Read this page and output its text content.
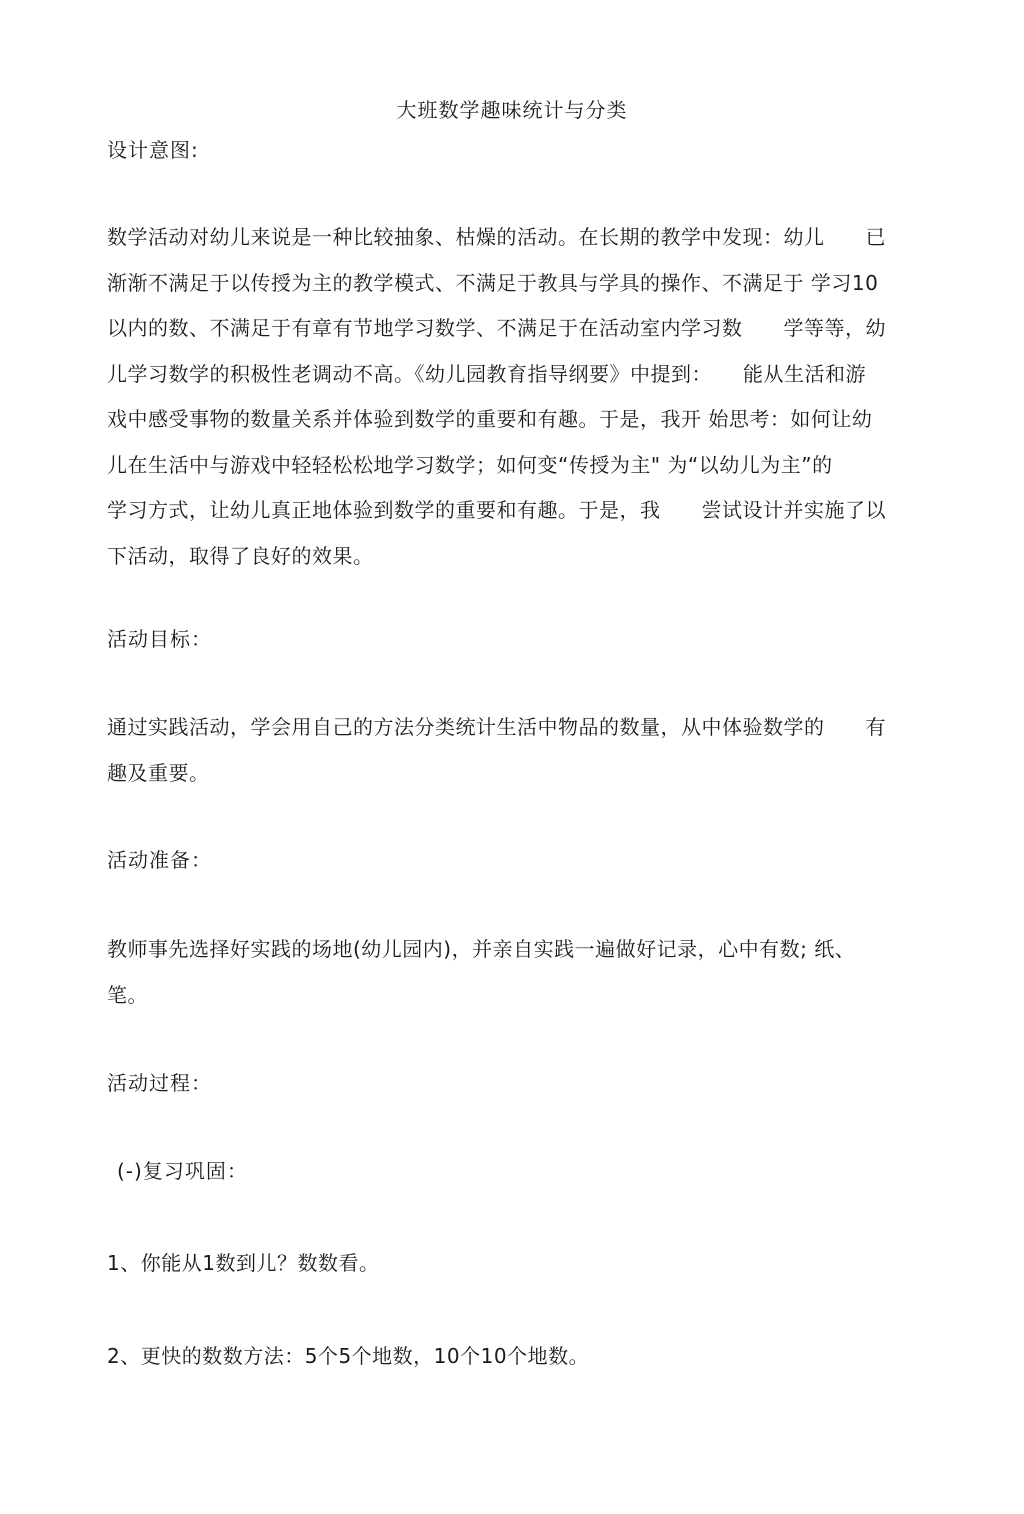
大班数学趣味统计与分类
设计意图:
数学活动对幼儿来说是一种比较抽象、枯燥的活动。在长期的教学中发现：幼儿　　已
渐渐不满足于以传授为主的教学模式、不满足于教具与学具的操作、不满足于 学习10
以内的数、不满足于有章有节地学习数学、不满足于在活动室内学习数　　学等等，幼
儿学习数学的积极性老调动不高。《幼儿园教育指导纲要》中提到：　　能从生活和游
戏中感受事物的数量关系并体验到数学的重要和有趣。于是，我开 始思考：如何让幼
儿在生活中与游戏中轻轻松松地学习数学；如何变“传授为主" 为“以幼儿为主”的
学习方式，让幼儿真正地体验到数学的重要和有趣。于是，我　　尝试设计并实施了以
下活动，取得了良好的效果。
活动目标：
通过实践活动，学会用自己的方法分类统计生活中物品的数量，从中体验数学的　　有
趣及重要。
活动准备：
教师事先选择好实践的场地(幼儿园内)，并亲自实践一遍做好记录，心中有数; 纸、
笔。
活动过程：
(-)复习巩固：
1、你能从1数到儿？数数看。
2、更快的数数方法：5个5个地数，10个10个地数。
